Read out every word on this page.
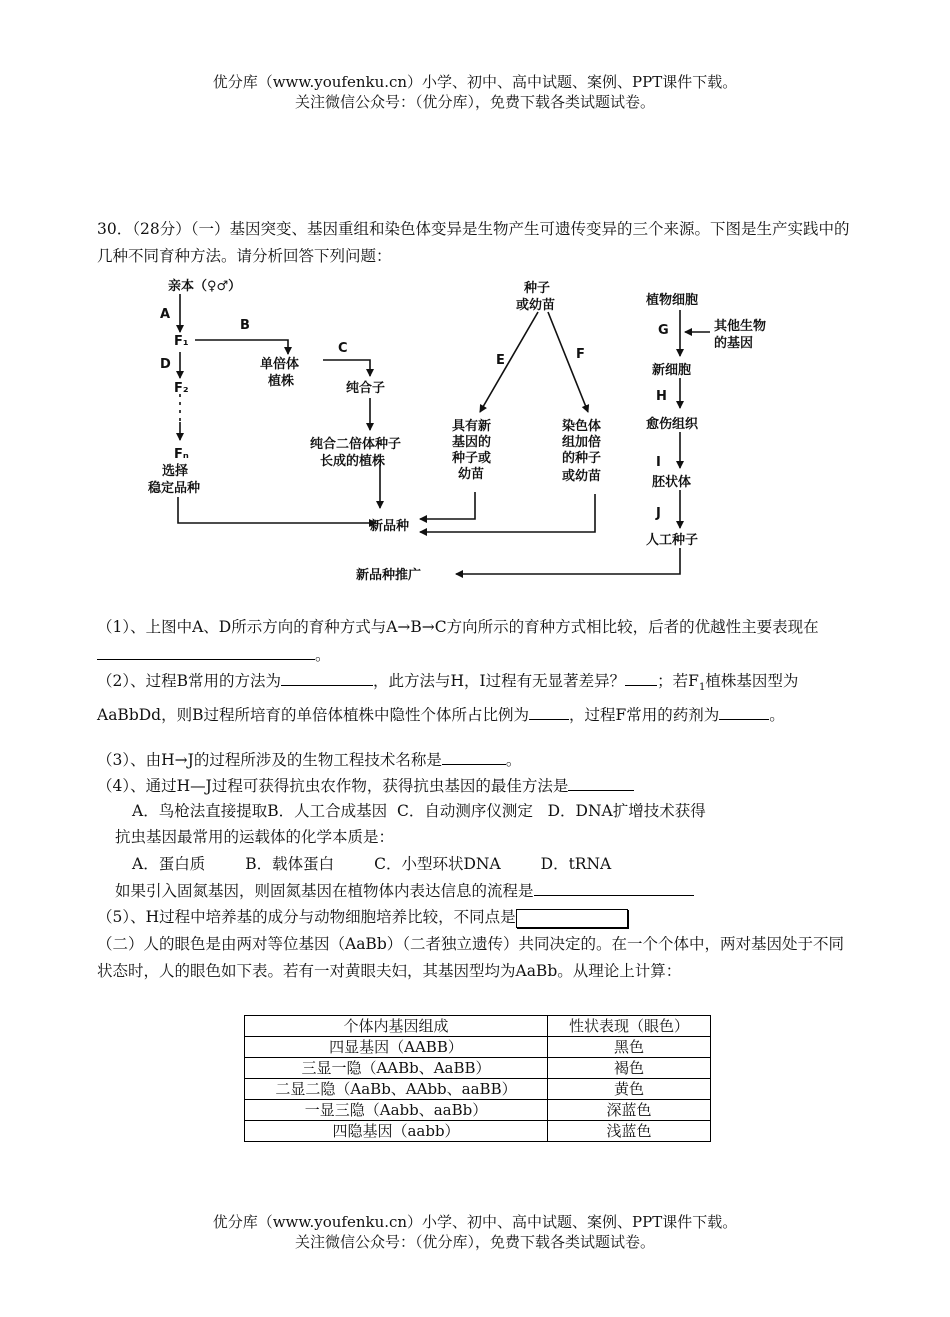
优分库（www.youfenku.cn）小学、初中、高中试题、案例、PPT课件下载。
关注微信公众号：（优分库），免费下载各类试题试卷。
30．（28分）（一）基因突变、基因重组和染色体变异是生物产生可遗传变异的三个来源。下图是生产实践中的几种不同育种方法。请分析回答下列问题：
亲本（♀♂）
A
F₁
D
F₂
Fₙ
选择
稳定品种
B
单倍体
植株
C
纯合子
纯合二倍体种子
长成的植株
种子
或幼苗
E	F
具有新
基因的
种子或
幼苗
染色体
组加倍
的种子
或幼苗
植物细胞
G	其他生物
的基因
新细胞
H
愈伤组织
I
胚状体
J
人工种子
新品种
新品种推广
（1）、上图中A、D所示方向的育种方式与A→B→C方向所示的育种方式相比较，后者的优越性主要表现在。
（2）、过程B常用的方法为	，此方法与H，I过程有无显著差异？ ；若$F_1$植株基因型为AaBbDd，则B过程所培育的单倍体植株中隐性个体所占比例为	，过程F常用的药剂为	。
（3）、由H→J的过程所涉及的生物工程技术名称是	。
（4）、通过H—J过程可获得抗虫农作物，获得抗虫基因的最佳方法是
A．鸟枪法直接提取B．人工合成基因 C．自动测序仪测定 D．DNA扩增技术获得
抗虫基因最常用的运载体的化学本质是：
A．蛋白质	B．载体蛋白	C．小型环状DNA	D．tRNA
如果引入固氮基因，则固氮基因在植物体内表达信息的流程是
（5）、H过程中培养基的成分与动物细胞培养比较，不同点是
（二）人的眼色是由两对等位基因（AaBb）（二者独立遗传）共同决定的。在一个个体中，两对基因处于不同状态时，人的眼色如下表。若有一对黄眼夫妇，其基因型均为AaBb。从理论上计算：
个体内基因组成	性状表现（眼色）
四显基因（AABB）	黑色
三显一隐（AABb、AaBB）	褐色
二显二隐（AaBb、AAbb、aaBB）	黄色
一显三隐（Aabb、aaBb）	深蓝色
四隐基因（aabb）	浅蓝色
优分库（www.youfenku.cn）小学、初中、高中试题、案例、PPT课件下载。
关注微信公众号：（优分库），免费下载各类试题试卷。
